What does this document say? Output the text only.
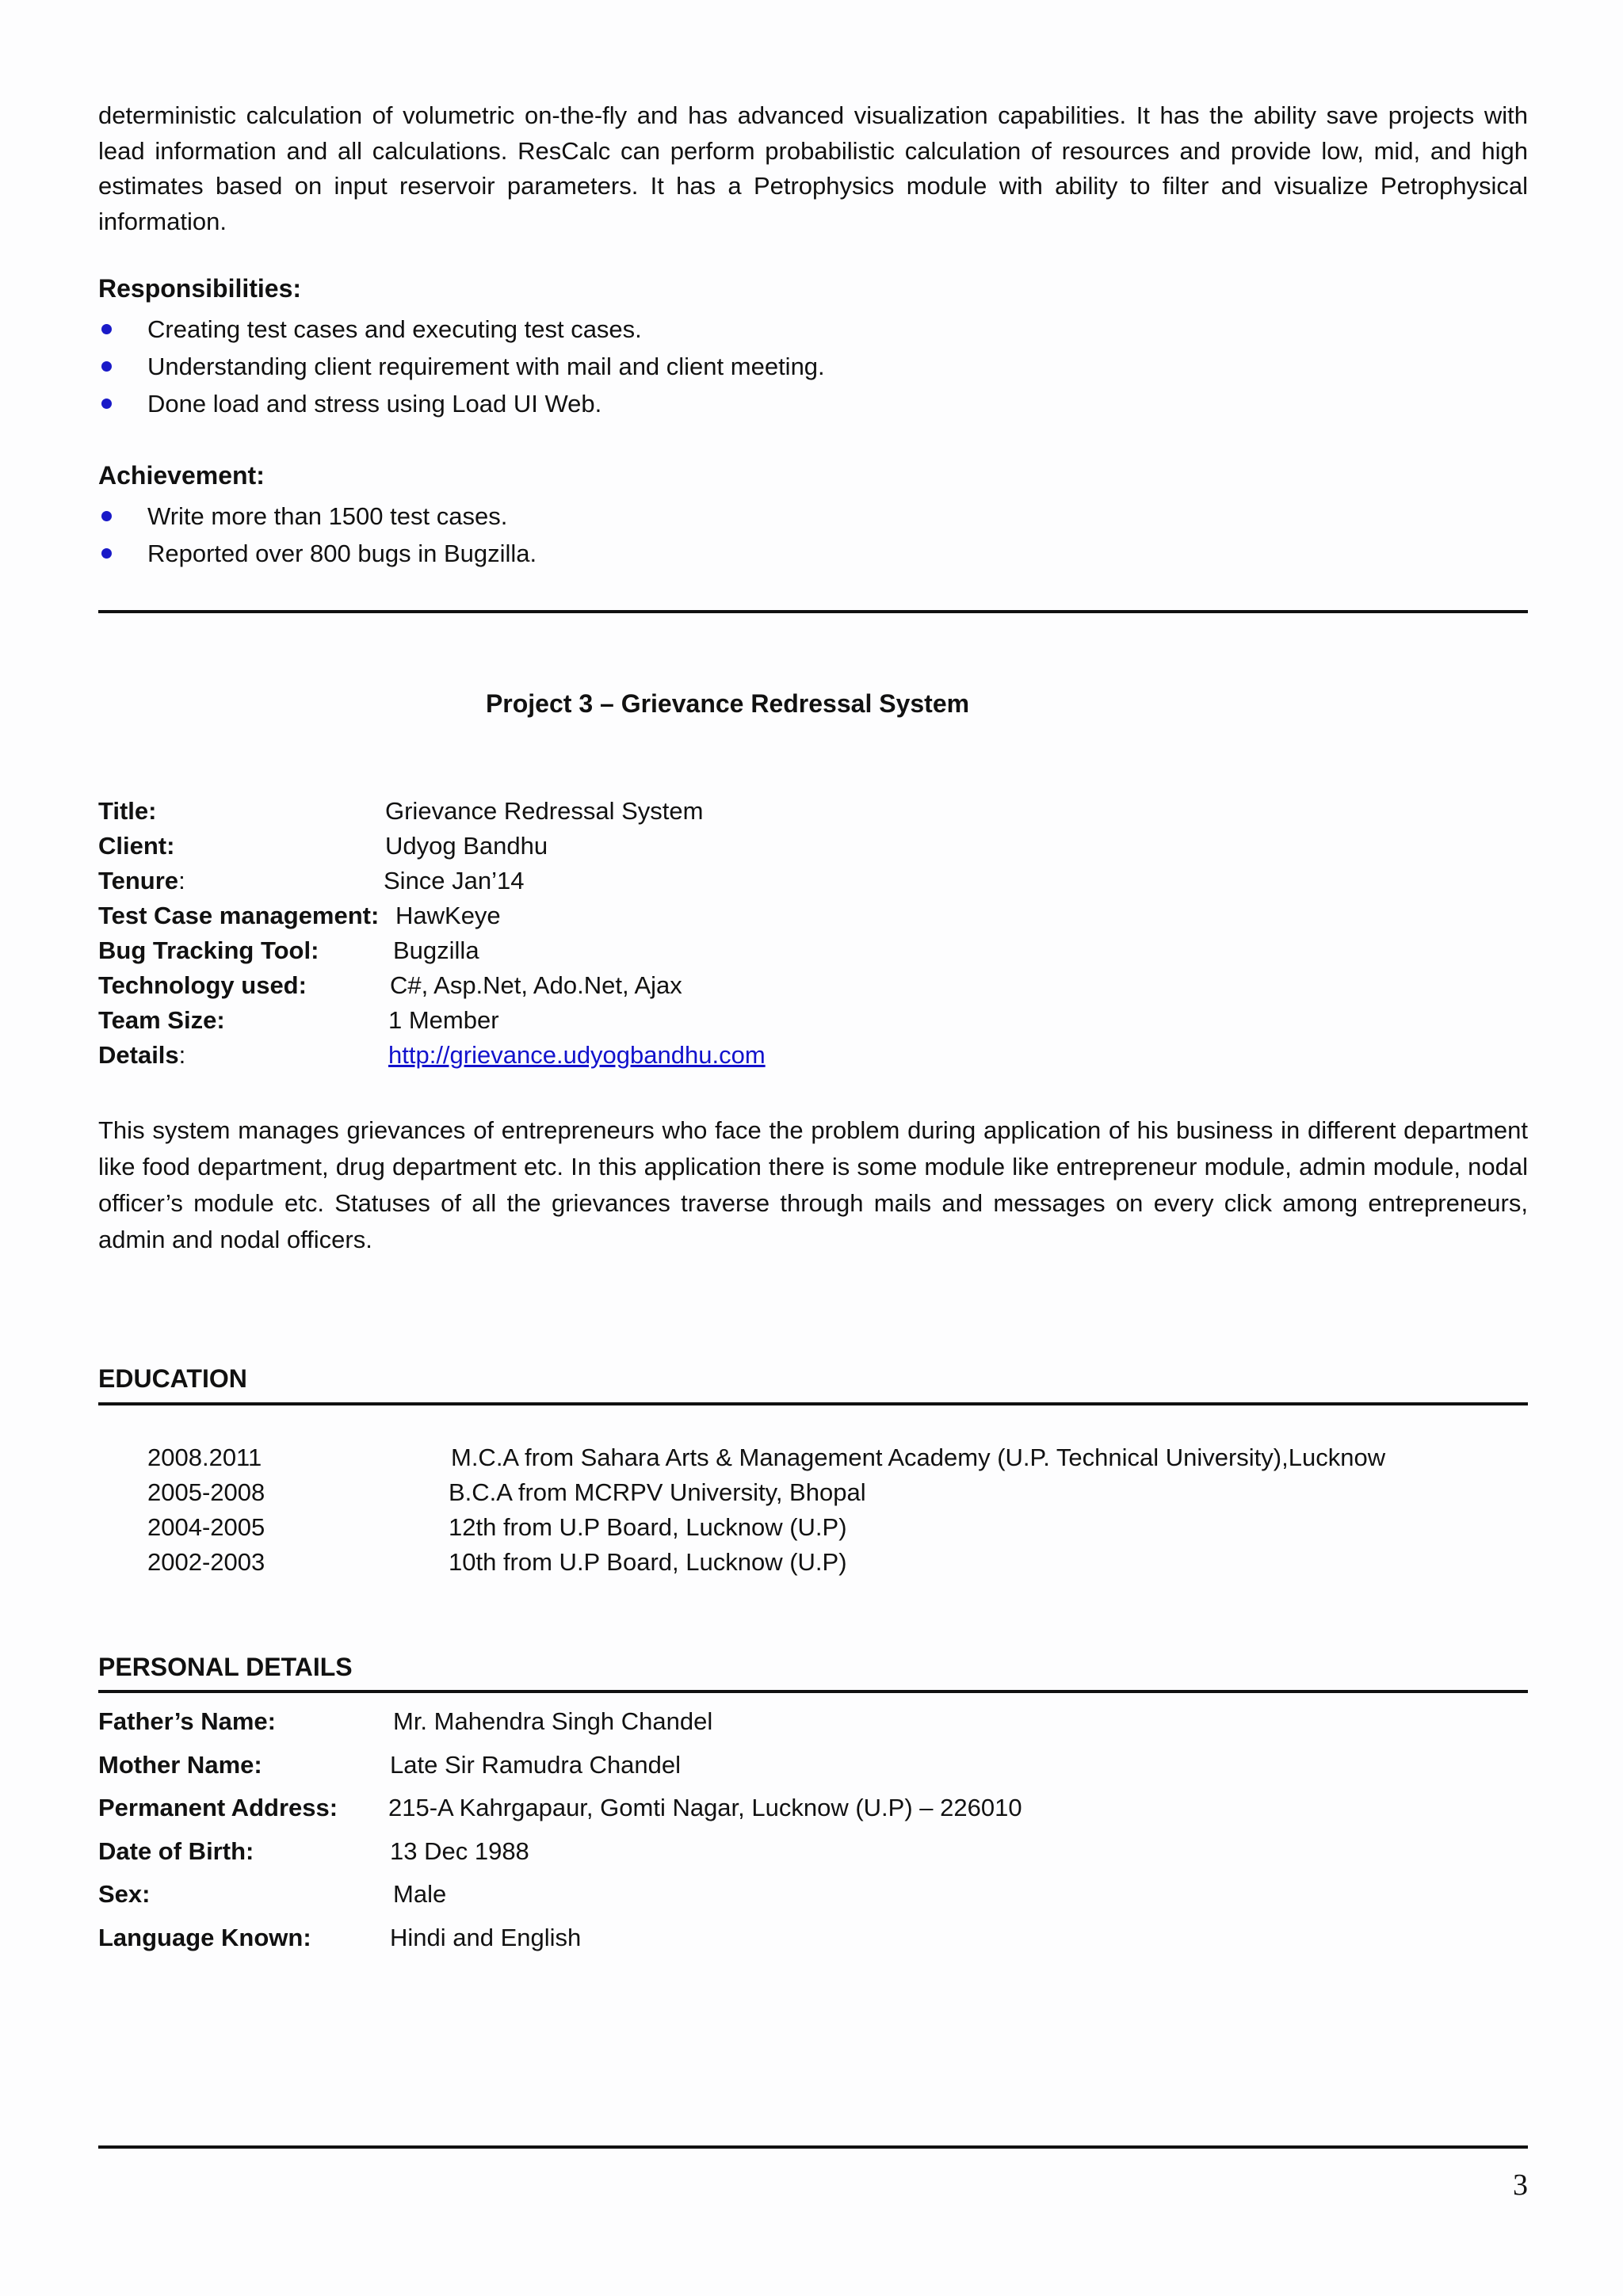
deterministic calculation of volumetric on-the-fly and has advanced visualization capabilities. It has the ability save projects with lead information and all calculations. ResCalc can perform probabilistic calculation of resources and provide low, mid, and high estimates based on input reservoir parameters. It has a Petrophysics module with ability to filter and visualize Petrophysical information.
Responsibilities:
Creating test cases and executing test cases.
Understanding client requirement with mail and client meeting.
Done load and stress using Load UI Web.
Achievement:
Write more than 1500 test cases.
Reported over 800 bugs in Bugzilla.
Project 3 – Grievance Redressal System
Title:	Grievance Redressal System
Client:	Udyog Bandhu
Tenure:	Since Jan’14
Test Case management: HawKeye
Bug Tracking Tool:	Bugzilla
Technology used:	C#, Asp.Net, Ado.Net, Ajax
Team Size:	1 Member
Details:	http://grievance.udyogbandhu.com
This system manages grievances of entrepreneurs who face the problem during application of his business in different department like food department, drug department etc. In this application there is some module like entrepreneur module, admin module, nodal officer’s module etc. Statuses of all the grievances traverse through mails and messages on every click among entrepreneurs, admin and nodal officers.
EDUCATION
2008.2011	M.C.A from Sahara Arts & Management Academy (U.P. Technical University),Lucknow
2005-2008	B.C.A from MCRPV University, Bhopal
2004-2005	12th from U.P Board, Lucknow (U.P)
2002-2003	10th from U.P Board, Lucknow (U.P)
PERSONAL DETAILS
Father’s Name:	Mr. Mahendra Singh Chandel
Mother Name:	Late Sir Ramudra Chandel
Permanent Address: 215-A Kahrgapaur, Gomti Nagar, Lucknow (U.P) – 226010
Date of Birth:	13 Dec 1988
Sex:	Male
Language Known:	Hindi and English
3
